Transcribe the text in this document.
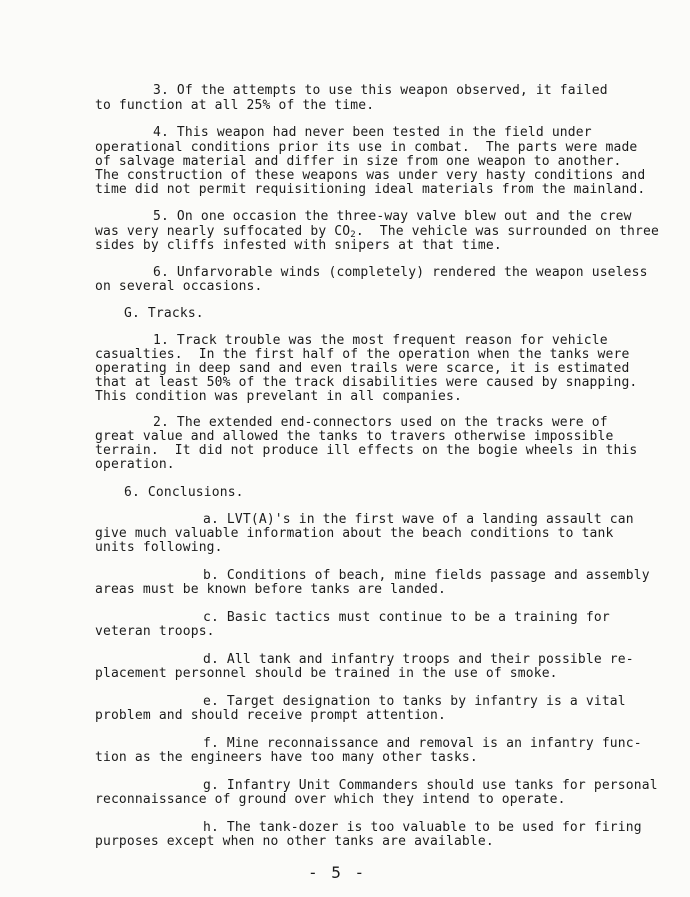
3. Of the attempts to use this weapon observed, it failed
to function at all 25% of the time.
4. This weapon had never been tested in the field under
operational conditions prior its use in combat.  The parts were made
of salvage material and differ in size from one weapon to another.
The construction of these weapons was under very hasty conditions and
time did not permit requisitioning ideal materials from the mainland.
5. On one occasion the three-way valve blew out and the crew
was very nearly suffocated by $CO_2$.  The vehicle was surrounded on three
sides by cliffs infested with snipers at that time.
6. Unfarvorable winds (completely) rendered the weapon useless
on several occasions.
G. Tracks.
1. Track trouble was the most frequent reason for vehicle
casualties.  In the first half of the operation when the tanks were
operating in deep sand and even trails were scarce, it is estimated
that at least 50% of the track disabilities were caused by snapping.
This condition was prevelant in all companies.
2. The extended end-connectors used on the tracks were of
great value and allowed the tanks to travers otherwise impossible
terrain.  It did not produce ill effects on the bogie wheels in this
operation.
6. Conclusions.
a. LVT(A)'s in the first wave of a landing assault can
give much valuable information about the beach conditions to tank
units following.
b. Conditions of beach, mine fields passage and assembly
areas must be known before tanks are landed.
c. Basic tactics must continue to be a training for
veteran troops.
d. All tank and infantry troops and their possible re-
placement personnel should be trained in the use of smoke.
e. Target designation to tanks by infantry is a vital
problem and should receive prompt attention.
f. Mine reconnaissance and removal is an infantry func-
tion as the engineers have too many other tasks.
g. Infantry Unit Commanders should use tanks for personal
reconnaissance of ground over which they intend to operate.
h. The tank-dozer is too valuable to be used for firing
purposes except when no other tanks are available.
- 5 -
